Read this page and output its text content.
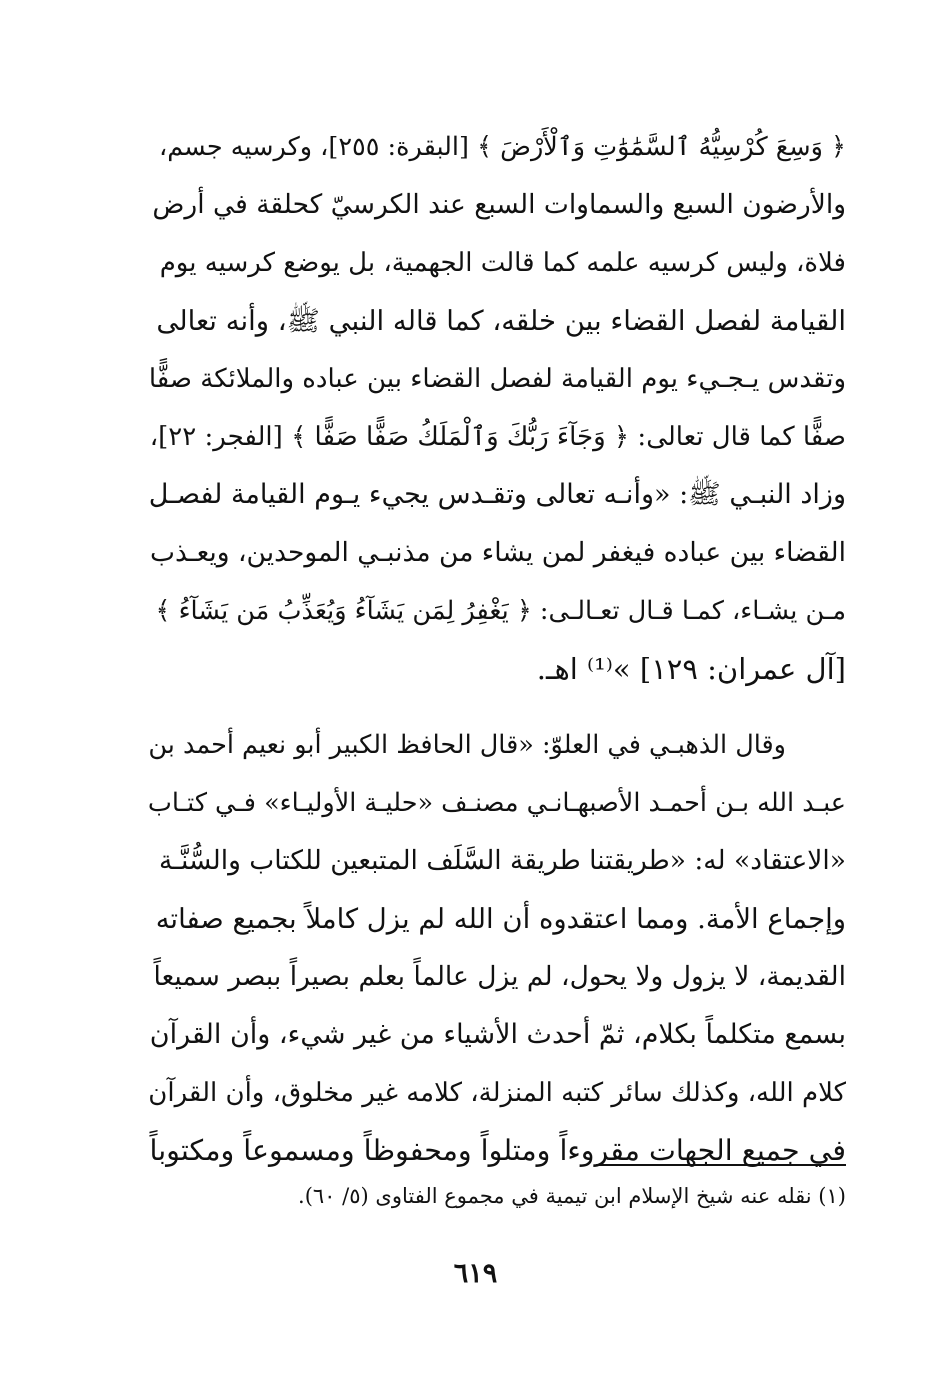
﴿ وَسِعَ كُرْسِيُّهُ ٱلسَّمَٰوَٰتِ وَٱلْأَرْضَ ﴾ [البقرة: ٢٥٥]، وكرسيه جسم،
والأرضون السبع والسماوات السبع عند الكرسيّ كحلقة في أرض
فلاة، وليس كرسيه علمه كما قالت الجهمية، بل يوضع كرسيه يوم
القيامة لفصل القضاء بين خلقه، كما قاله النبي ﷺ، وأنه تعالى
وتقدس يـجـيء يوم القيامة لفصل القضاء بين عباده والملائكة صفًّا
صفًّا كما قال تعالى: ﴿ وَجَآءَ رَبُّكَ وَٱلْمَلَكُ صَفًّا صَفًّا ﴾ [الفجر: ٢٢]،
وزاد النبـي ﷺ: «وأنـه تعالى وتقـدس يجيء يـوم القيامة لفصـل
القضاء بين عباده فيغفر لمن يشاء من مذنبـي الموحدين، ويعـذب
مـن يشـاء، كمـا قـال تعـالـى: ﴿ يَغْفِرُ لِمَن يَشَآءُ وَيُعَذِّبُ مَن يَشَآءُ ﴾
[آل عمران: ١٢٩] »⁽¹⁾ اهـ.
وقال الذهبـي في العلوّ: «قال الحافظ الكبير أبو نعيم أحمد بن
عبـد الله بـن أحمـد الأصبهـانـي مصنـف «حليـة الأوليـاء» فـي كتـاب
«الاعتقاد» له: «طريقتنا طريقة السَّلَف المتبعين للكتاب والسُّنَّـة
وإجماع الأمة. ومما اعتقدوه أن الله لم يزل كاملاً بجميع صفاته
القديمة، لا يزول ولا يحول، لم يزل عالماً بعلم بصيراً ببصر سميعاً
بسمع متكلماً بكلام، ثمّ أحدث الأشياء من غير شيء، وأن القرآن
كلام الله، وكذلك سائر كتبه المنزلة، كلامه غير مخلوق، وأن القرآن
في جميع الجهات مقروءاً ومتلواً ومحفوظاً ومسموعاً ومكتوباً
(١) نقله عنه شيخ الإسلام ابن تيمية في مجموع الفتاوى (٥/ ٦٠).
٦١٩
